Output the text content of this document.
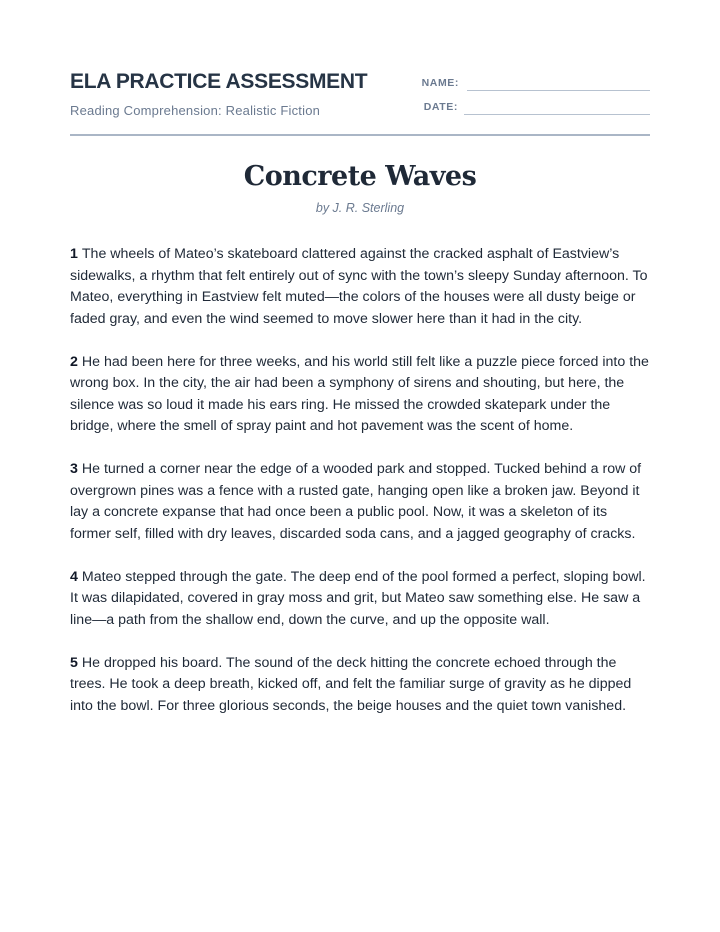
ELA PRACTICE ASSESSMENT
Reading Comprehension: Realistic Fiction
NAME:
DATE:
Concrete Waves
by J. R. Sterling

1 The wheels of Mateo’s skateboard clattered against the cracked asphalt of Eastview’s sidewalks, a rhythm that felt entirely out of sync with the town’s sleepy Sunday afternoon. To Mateo, everything in Eastview felt muted—the colors of the houses were all dusty beige or faded gray, and even the wind seemed to move slower here than it had in the city.

2 He had been here for three weeks, and his world still felt like a puzzle piece forced into the wrong box. In the city, the air had been a symphony of sirens and shouting, but here, the silence was so loud it made his ears ring. He missed the crowded skatepark under the bridge, where the smell of spray paint and hot pavement was the scent of home.

3 He turned a corner near the edge of a wooded park and stopped. Tucked behind a row of overgrown pines was a fence with a rusted gate, hanging open like a broken jaw. Beyond it lay a concrete expanse that had once been a public pool. Now, it was a skeleton of its former self, filled with dry leaves, discarded soda cans, and a jagged geography of cracks.

4 Mateo stepped through the gate. The deep end of the pool formed a perfect, sloping bowl. It was dilapidated, covered in gray moss and grit, but Mateo saw something else. He saw a line—a path from the shallow end, down the curve, and up the opposite wall.

5 He dropped his board. The sound of the deck hitting the concrete echoed through the trees. He took a deep breath, kicked off, and felt the familiar surge of gravity as he dipped into the bowl. For three glorious seconds, the beige houses and the quiet town vanished.
